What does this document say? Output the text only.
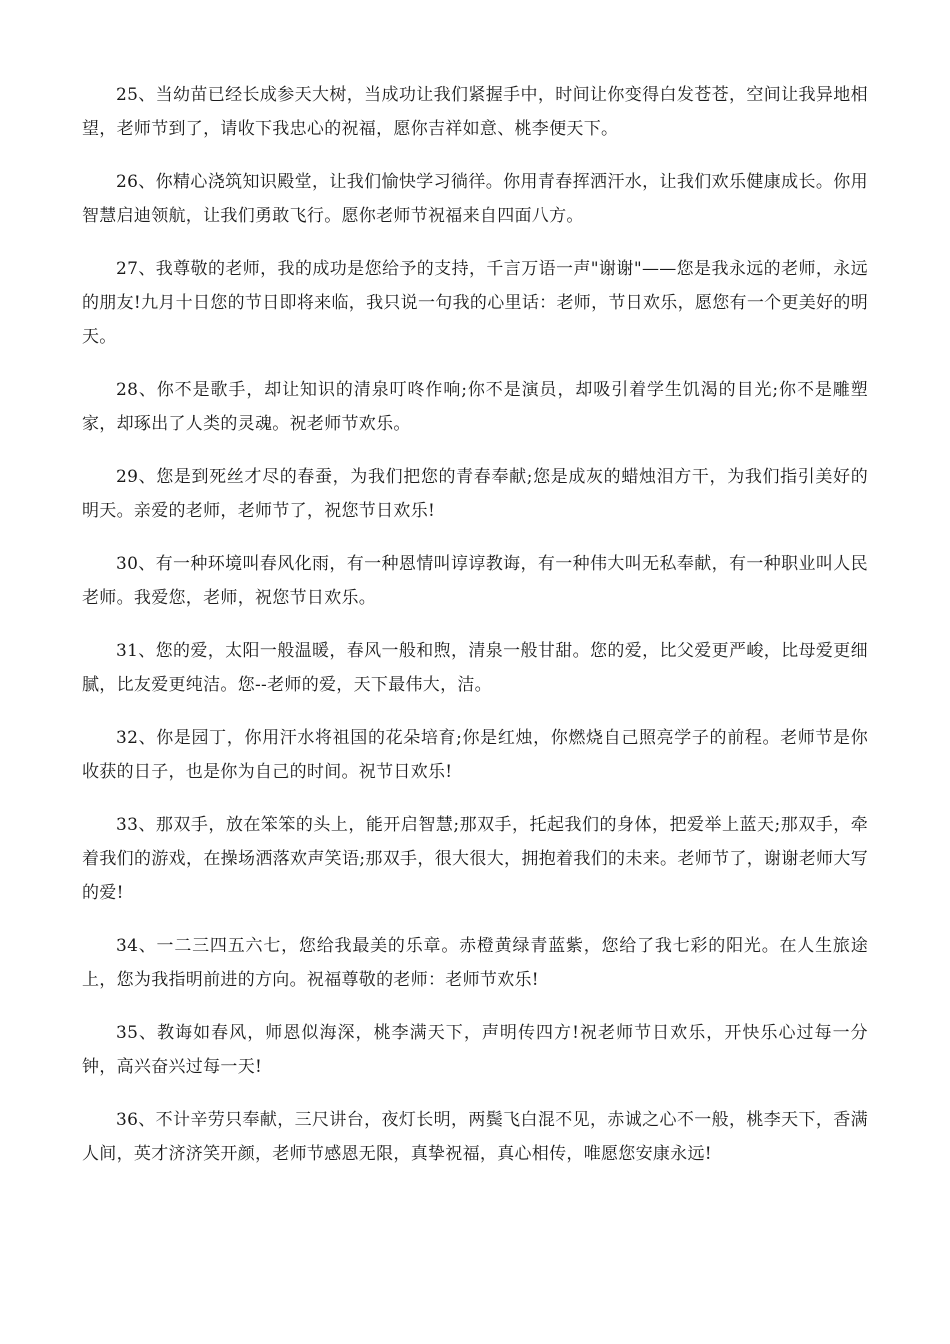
25、当幼苗已经长成参天大树，当成功让我们紧握手中，时间让你变得白发苍苍，空间让我异地相望，老师节到了，请收下我忠心的祝福，愿你吉祥如意、桃李便天下。

26、你精心浇筑知识殿堂，让我们愉快学习徜徉。你用青春挥洒汗水，让我们欢乐健康成长。你用智慧启迪领航，让我们勇敢飞行。愿你老师节祝福来自四面八方。

27、我尊敬的老师，我的成功是您给予的支持，千言万语一声"谢谢"——您是我永远的老师，永远的朋友!九月十日您的节日即将来临，我只说一句我的心里话：老师，节日欢乐，愿您有一个更美好的明天。

28、你不是歌手，却让知识的清泉叮咚作响;你不是演员，却吸引着学生饥渴的目光;你不是雕塑家，却琢出了人类的灵魂。祝老师节欢乐。

29、您是到死丝才尽的春蚕，为我们把您的青春奉献;您是成灰的蜡烛泪方干，为我们指引美好的明天。亲爱的老师，老师节了，祝您节日欢乐!

30、有一种环境叫春风化雨，有一种恩情叫谆谆教诲，有一种伟大叫无私奉献，有一种职业叫人民老师。我爱您，老师，祝您节日欢乐。

31、您的爱，太阳一般温暖，春风一般和煦，清泉一般甘甜。您的爱，比父爱更严峻，比母爱更细腻，比友爱更纯洁。您--老师的爱，天下最伟大，洁。

32、你是园丁，你用汗水将祖国的花朵培育;你是红烛，你燃烧自己照亮学子的前程。老师节是你收获的日子，也是你为自己的时间。祝节日欢乐!

33、那双手，放在笨笨的头上，能开启智慧;那双手，托起我们的身体，把爱举上蓝天;那双手，牵着我们的游戏，在操场洒落欢声笑语;那双手，很大很大，拥抱着我们的未来。老师节了，谢谢老师大写的爱!

34、一二三四五六七，您给我最美的乐章。赤橙黄绿青蓝紫，您给了我七彩的阳光。在人生旅途上，您为我指明前进的方向。祝福尊敬的老师：老师节欢乐!

35、教诲如春风，师恩似海深，桃李满天下，声明传四方!祝老师节日欢乐，开快乐心过每一分钟，高兴奋兴过每一天!

36、不计辛劳只奉献，三尺讲台，夜灯长明，两鬓飞白混不见，赤诚之心不一般，桃李天下，香满人间，英才济济笑开颜，老师节感恩无限，真挚祝福，真心相传，唯愿您安康永远!
